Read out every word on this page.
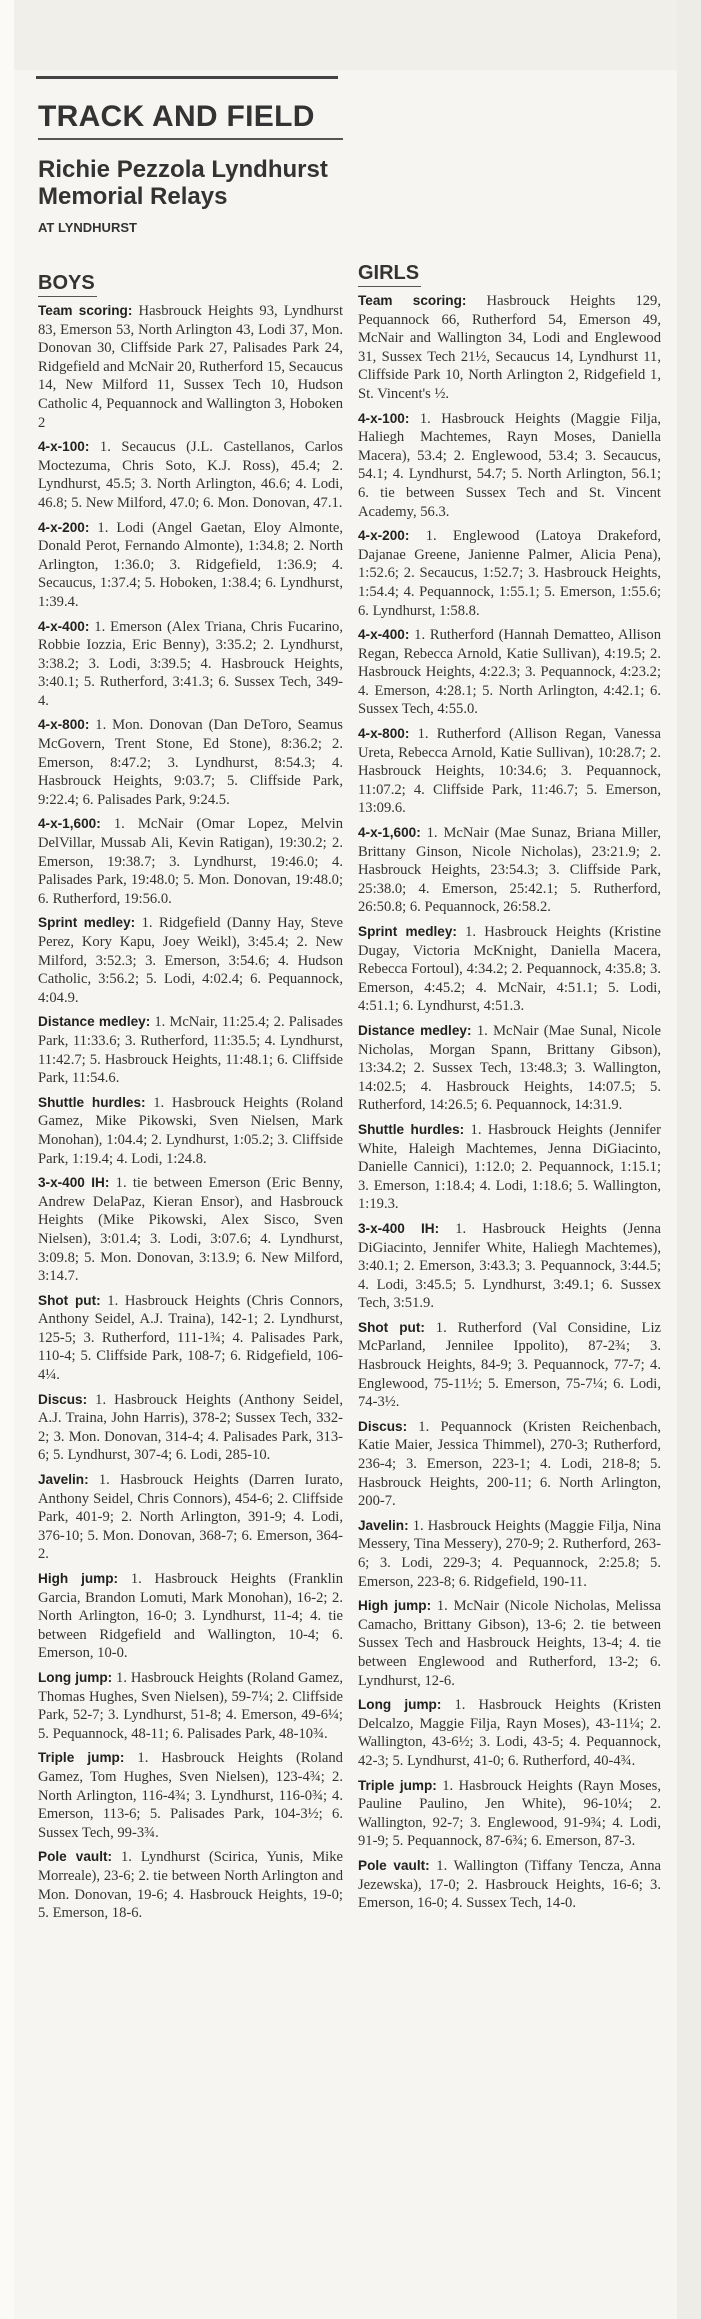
TRACK AND FIELD
Richie Pezzola Lyndhurst Memorial Relays
AT LYNDHURST
BOYS

Team scoring: Hasbrouck Heights 93, Lyndhurst 83, Emerson 53, North Arlington 43, Lodi 37, Mon. Donovan 30, Cliffside Park 27, Palisades Park 24, Ridgefield and McNair 20, Rutherford 15, Secaucus 14, New Milford 11, Sussex Tech 10, Hudson Catholic 4, Pequannock and Wallington 3, Hoboken 2

4-x-100: 1. Secaucus (J.L. Castellanos, Carlos Moctezuma, Chris Soto, K.J. Ross), 45.4; 2. Lyndhurst, 45.5; 3. North Arlington, 46.6; 4. Lodi, 46.8; 5. New Milford, 47.0; 6. Mon. Donovan, 47.1.

4-x-200: 1. Lodi (Angel Gaetan, Eloy Almonte, Donald Perot, Fernando Almonte), 1:34.8; 2. North Arlington, 1:36.0; 3. Ridgefield, 1:36.9; 4. Secaucus, 1:37.4; 5. Hoboken, 1:38.4; 6. Lyndhurst, 1:39.4.

4-x-400: 1. Emerson (Alex Triana, Chris Fucarino, Robbie Iozzia, Eric Benny), 3:35.2; 2. Lyndhurst, 3:38.2; 3. Lodi, 3:39.5; 4. Hasbrouck Heights, 3:40.1; 5. Rutherford, 3:41.3; 6. Sussex Tech, 349-4.

4-x-800: 1. Mon. Donovan (Dan DeToro, Seamus McGovern, Trent Stone, Ed Stone), 8:36.2; 2. Emerson, 8:47.2; 3. Lyndhurst, 8:54.3; 4. Hasbrouck Heights, 9:03.7; 5. Cliffside Park, 9:22.4; 6. Palisades Park, 9:24.5.

4-x-1,600: 1. McNair (Omar Lopez, Melvin DelVillar, Mussab Ali, Kevin Ratigan), 19:30.2; 2. Emerson, 19:38.7; 3. Lyndhurst, 19:46.0; 4. Palisades Park, 19:48.0; 5. Mon. Donovan, 19:48.0; 6. Rutherford, 19:56.0.

Sprint medley: 1. Ridgefield (Danny Hay, Steve Perez, Kory Kapu, Joey Weikl), 3:45.4; 2. New Milford, 3:52.3; 3. Emerson, 3:54.6; 4. Hudson Catholic, 3:56.2; 5. Lodi, 4:02.4; 6. Pequannock, 4:04.9.

Distance medley: 1. McNair, 11:25.4; 2. Palisades Park, 11:33.6; 3. Rutherford, 11:35.5; 4. Lyndhurst, 11:42.7; 5. Hasbrouck Heights, 11:48.1; 6. Cliffside Park, 11:54.6.

Shuttle hurdles: 1. Hasbrouck Heights (Roland Gamez, Mike Pikowski, Sven Nielsen, Mark Monohan), 1:04.4; 2. Lyndhurst, 1:05.2; 3. Cliffside Park, 1:19.4; 4. Lodi, 1:24.8.

3-x-400 IH: 1. tie between Emerson (Eric Benny, Andrew DelaPaz, Kieran Ensor), and Hasbrouck Heights (Mike Pikowski, Alex Sisco, Sven Nielsen), 3:01.4; 3. Lodi, 3:07.6; 4. Lyndhurst, 3:09.8; 5. Mon. Donovan, 3:13.9; 6. New Milford, 3:14.7.

Shot put: 1. Hasbrouck Heights (Chris Connors, Anthony Seidel, A.J. Traina), 142-1; 2. Lyndhurst, 125-5; 3. Rutherford, 111-1¾; 4. Palisades Park, 110-4; 5. Cliffside Park, 108-7; 6. Ridgefield, 106-4¼.

Discus: 1. Hasbrouck Heights (Anthony Seidel, A.J. Traina, John Harris), 378-2; Sussex Tech, 332-2; 3. Mon. Donovan, 314-4; 4. Palisades Park, 313-6; 5. Lyndhurst, 307-4; 6. Lodi, 285-10.

Javelin: 1. Hasbrouck Heights (Darren Iurato, Anthony Seidel, Chris Connors), 454-6; 2. Cliffside Park, 401-9; 2. North Arlington, 391-9; 4. Lodi, 376-10; 5. Mon. Donovan, 368-7; 6. Emerson, 364-2.

High jump: 1. Hasbrouck Heights (Franklin Garcia, Brandon Lomuti, Mark Monohan), 16-2; 2. North Arlington, 16-0; 3. Lyndhurst, 11-4; 4. tie between Ridgefield and Wallington, 10-4; 6. Emerson, 10-0.

Long jump: 1. Hasbrouck Heights (Roland Gamez, Thomas Hughes, Sven Nielsen), 59-7¼; 2. Cliffside Park, 52-7; 3. Lyndhurst, 51-8; 4. Emerson, 49-6¼; 5. Pequannock, 48-11; 6. Palisades Park, 48-10¾.

Triple jump: 1. Hasbrouck Heights (Roland Gamez, Tom Hughes, Sven Nielsen), 123-4¾; 2. North Arlington, 116-4¾; 3. Lyndhurst, 116-0¾; 4. Emerson, 113-6; 5. Palisades Park, 104-3½; 6. Sussex Tech, 99-3¾.

Pole vault: 1. Lyndhurst (Scirica, Yunis, Mike Morreale), 23-6; 2. tie between North Arlington and Mon. Donovan, 19-6; 4. Hasbrouck Heights, 19-0; 5. Emerson, 18-6.

GIRLS

Team scoring: Hasbrouck Heights 129, Pequannock 66, Rutherford 54, Emerson 49, McNair and Wallington 34, Lodi and Englewood 31, Sussex Tech 21½, Secaucus 14, Lyndhurst 11, Cliffside Park 10, North Arlington 2, Ridgefield 1, St. Vincent's ½.

4-x-100: 1. Hasbrouck Heights (Maggie Filja, Haliegh Machtemes, Rayn Moses, Daniella Macera), 53.4; 2. Englewood, 53.4; 3. Secaucus, 54.1; 4. Lyndhurst, 54.7; 5. North Arlington, 56.1; 6. tie between Sussex Tech and St. Vincent Academy, 56.3.

4-x-200: 1. Englewood (Latoya Drakeford, Dajanae Greene, Janienne Palmer, Alicia Pena), 1:52.6; 2. Secaucus, 1:52.7; 3. Hasbrouck Heights, 1:54.4; 4. Pequannock, 1:55.1; 5. Emerson, 1:55.6; 6. Lyndhurst, 1:58.8.

4-x-400: 1. Rutherford (Hannah Dematteo, Allison Regan, Rebecca Arnold, Katie Sullivan), 4:19.5; 2. Hasbrouck Heights, 4:22.3; 3. Pequannock, 4:23.2; 4. Emerson, 4:28.1; 5. North Arlington, 4:42.1; 6. Sussex Tech, 4:55.0.

4-x-800: 1. Rutherford (Allison Regan, Vanessa Ureta, Rebecca Arnold, Katie Sullivan), 10:28.7; 2. Hasbrouck Heights, 10:34.6; 3. Pequannock, 11:07.2; 4. Cliffside Park, 11:46.7; 5. Emerson, 13:09.6.

4-x-1,600: 1. McNair (Mae Sunaz, Briana Miller, Brittany Ginson, Nicole Nicholas), 23:21.9; 2. Hasbrouck Heights, 23:54.3; 3. Cliffside Park, 25:38.0; 4. Emerson, 25:42.1; 5. Rutherford, 26:50.8; 6. Pequannock, 26:58.2.

Sprint medley: 1. Hasbrouck Heights (Kristine Dugay, Victoria McKnight, Daniella Macera, Rebecca Fortoul), 4:34.2; 2. Pequannock, 4:35.8; 3. Emerson, 4:45.2; 4. McNair, 4:51.1; 5. Lodi, 4:51.1; 6. Lyndhurst, 4:51.3.

Distance medley: 1. McNair (Mae Sunal, Nicole Nicholas, Morgan Spann, Brittany Gibson), 13:34.2; 2. Sussex Tech, 13:48.3; 3. Wallington, 14:02.5; 4. Hasbrouck Heights, 14:07.5; 5. Rutherford, 14:26.5; 6. Pequannock, 14:31.9.

Shuttle hurdles: 1. Hasbrouck Heights (Jennifer White, Haleigh Machtemes, Jenna DiGiacinto, Danielle Cannici), 1:12.0; 2. Pequannock, 1:15.1; 3. Emerson, 1:18.4; 4. Lodi, 1:18.6; 5. Wallington, 1:19.3.

3-x-400 IH: 1. Hasbrouck Heights (Jenna DiGiacinto, Jennifer White, Haliegh Machtemes), 3:40.1; 2. Emerson, 3:43.3; 3. Pequannock, 3:44.5; 4. Lodi, 3:45.5; 5. Lyndhurst, 3:49.1; 6. Sussex Tech, 3:51.9.

Shot put: 1. Rutherford (Val Considine, Liz McParland, Jennilee Ippolito), 87-2¾; 3. Hasbrouck Heights, 84-9; 3. Pequannock, 77-7; 4. Englewood, 75-11½; 5. Emerson, 75-7¼; 6. Lodi, 74-3½.

Discus: 1. Pequannock (Kristen Reichenbach, Katie Maier, Jessica Thimmel), 270-3; Rutherford, 236-4; 3. Emerson, 223-1; 4. Lodi, 218-8; 5. Hasbrouck Heights, 200-11; 6. North Arlington, 200-7.

Javelin: 1. Hasbrouck Heights (Maggie Filja, Nina Messery, Tina Messery), 270-9; 2. Rutherford, 263-6; 3. Lodi, 229-3; 4. Pequannock, 2:25.8; 5. Emerson, 223-8; 6. Ridgefield, 190-11.

High jump: 1. McNair (Nicole Nicholas, Melissa Camacho, Brittany Gibson), 13-6; 2. tie between Sussex Tech and Hasbrouck Heights, 13-4; 4. tie between Englewood and Rutherford, 13-2; 6. Lyndhurst, 12-6.

Long jump: 1. Hasbrouck Heights (Kristen Delcalzo, Maggie Filja, Rayn Moses), 43-11¼; 2. Wallington, 43-6½; 3. Lodi, 43-5; 4. Pequannock, 42-3; 5. Lyndhurst, 41-0; 6. Rutherford, 40-4¾.

Triple jump: 1. Hasbrouck Heights (Rayn Moses, Pauline Paulino, Jen White), 96-10¼; 2. Wallington, 92-7; 3. Englewood, 91-9¾; 4. Lodi, 91-9; 5. Pequannock, 87-6¾; 6. Emerson, 87-3.

Pole vault: 1. Wallington (Tiffany Tencza, Anna Jezewska), 17-0; 2. Hasbrouck Heights, 16-6; 3. Emerson, 16-0; 4. Sussex Tech, 14-0.
